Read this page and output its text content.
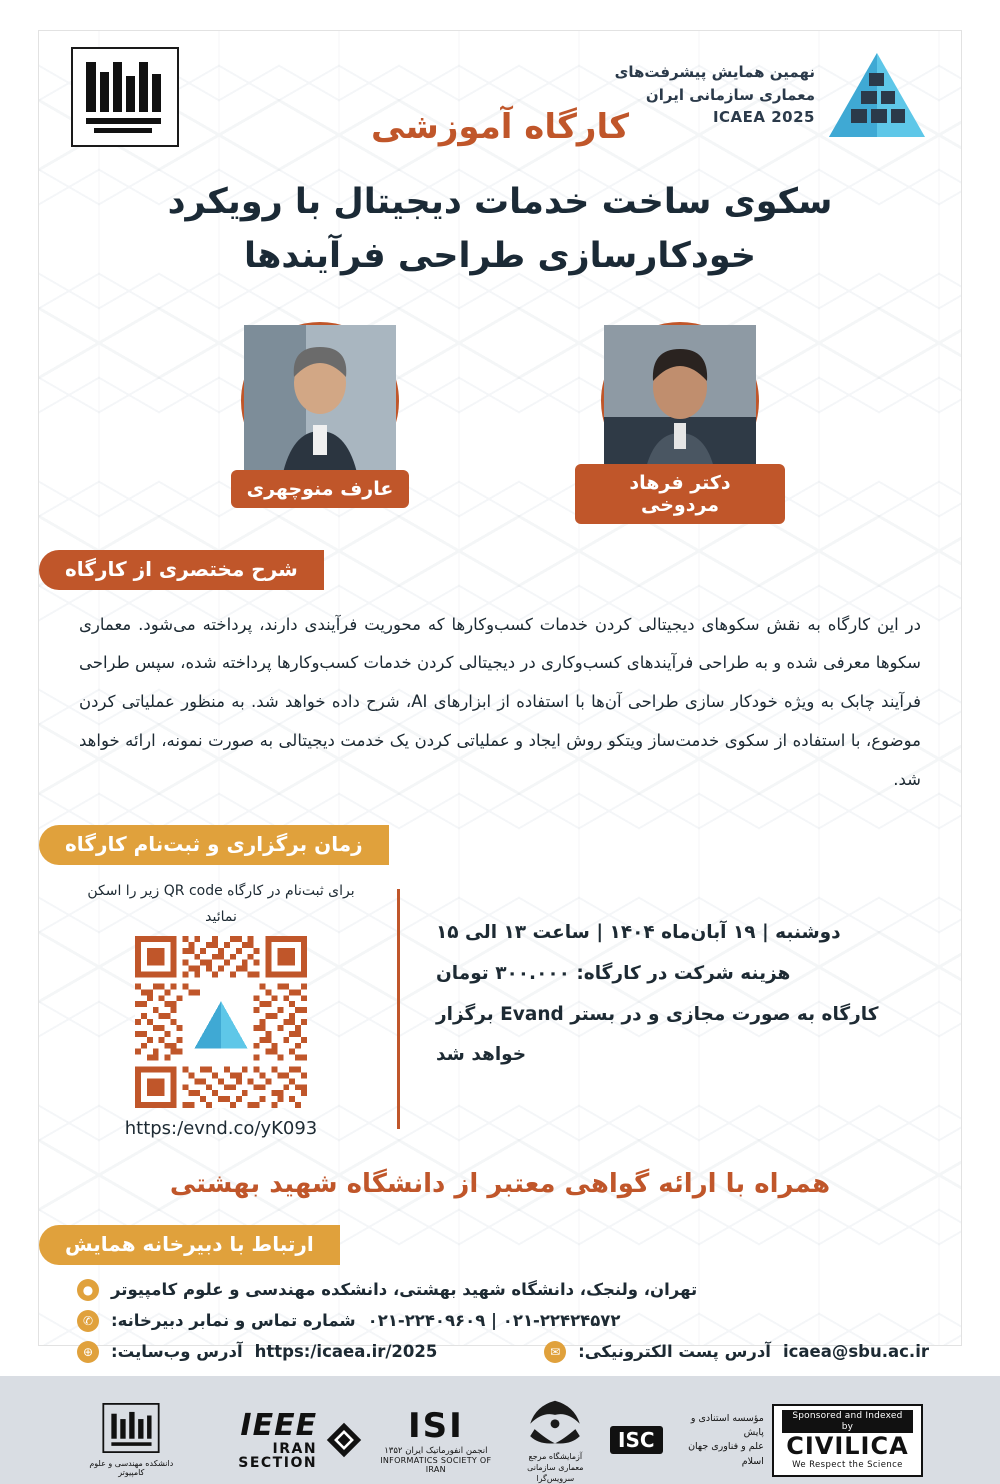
نهمین همایش پیشرفت‌های
معماری سازمانی ایران
ICAEA 2025
کارگاه آموزشی
سکوی ساخت خدمات دیجیتال با رویکرد خودکارسازی طراحی فرآیندها
دکتر فرهاد مردوخی
عارف منوچهری
شرح مختصری از کارگاه
در این کارگاه به نقش سکوهای دیجیتالی کردن خدمات کسب‌وکارها که محوریت فرآیندی دارند، پرداخته می‌شود. معماری سکوها معرفی شده و به طراحی فرآیندهای کسب‌وکاری در دیجیتالی کردن خدمات کسب‌وکارها پرداخته شده، سپس طراحی فرآیند چابک به ویژه خودکار سازی طراحی آن‌ها با استفاده از ابزارهای AI، شرح داده خواهد شد. به منظور عملیاتی کردن موضوع، با استفاده از سکوی خدمت‌ساز ویتکو روش ایجاد و عملیاتی کردن یک خدمت دیجیتالی به صورت نمونه، ارائه خواهد شد.
زمان برگزاری و ثبت‌نام کارگاه
دوشنبه | ۱۹ آبان‌ماه ۱۴۰۴ | ساعت ۱۳ الی ۱۵
هزینه شرکت در کارگاه: ۳۰۰.۰۰۰ تومان
کارگاه به صورت مجازی و در بستر Evand برگزار خواهد شد
برای ثبت‌نام در کارگاه QR code زیر را اسکن نمائید
https:/evnd.co/yK093
همراه با ارائه گواهی معتبر از دانشگاه شهید بهشتی
ارتباط با دبیرخانه همایش
تهران، ولنجک، دانشگاه شهید بهشتی، دانشکده مهندسی و علوم کامپیوتر
●
۰۲۱-۲۲۴۲۴۵۷۲ | ۰۲۱-۲۲۴۰۹۶۰۹
شماره تماس و نمابر دبیرخانه:
✆
icaea@sbu.ac.ir
آدرس پست الکترونیکی:
✉
https:/icaea.ir/2025
آدرس وب‌سایت:
⊕
Sponsored and Indexed by
CIVILICA
We Respect the Science
مؤسسه استنادی و پایش
علم و فناوری جهان اسلام
ISC
آزمایشگاه مرجع
معماری سازمانی سرویس‌گرا
ISI
انجمن انفورماتیک ایران ۱۳۵۲
INFORMATICS SOCIETY OF IRAN
IEEE
IRAN SECTION
دانشکده مهندسی و علوم کامپیوتر
